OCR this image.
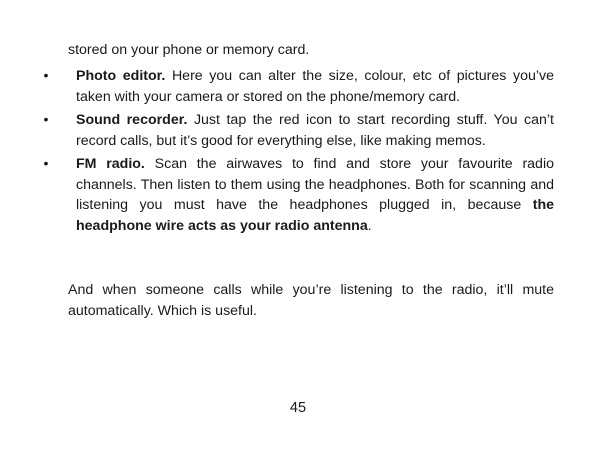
stored on your phone or memory card.
• Photo editor. Here you can alter the size, colour, etc of pictures you’ve taken with your camera or stored on the phone/memory card.
• Sound recorder. Just tap the red icon to start recording stuff. You can’t record calls, but it’s good for everything else, like making memos.
• FM radio. Scan the airwaves to find and store your favourite radio channels. Then listen to them using the headphones. Both for scanning and listening you must have the headphones plugged in, because the headphone wire acts as your radio antenna.
And when someone calls while you’re listening to the radio, it’ll mute automatically. Which is useful.
45
